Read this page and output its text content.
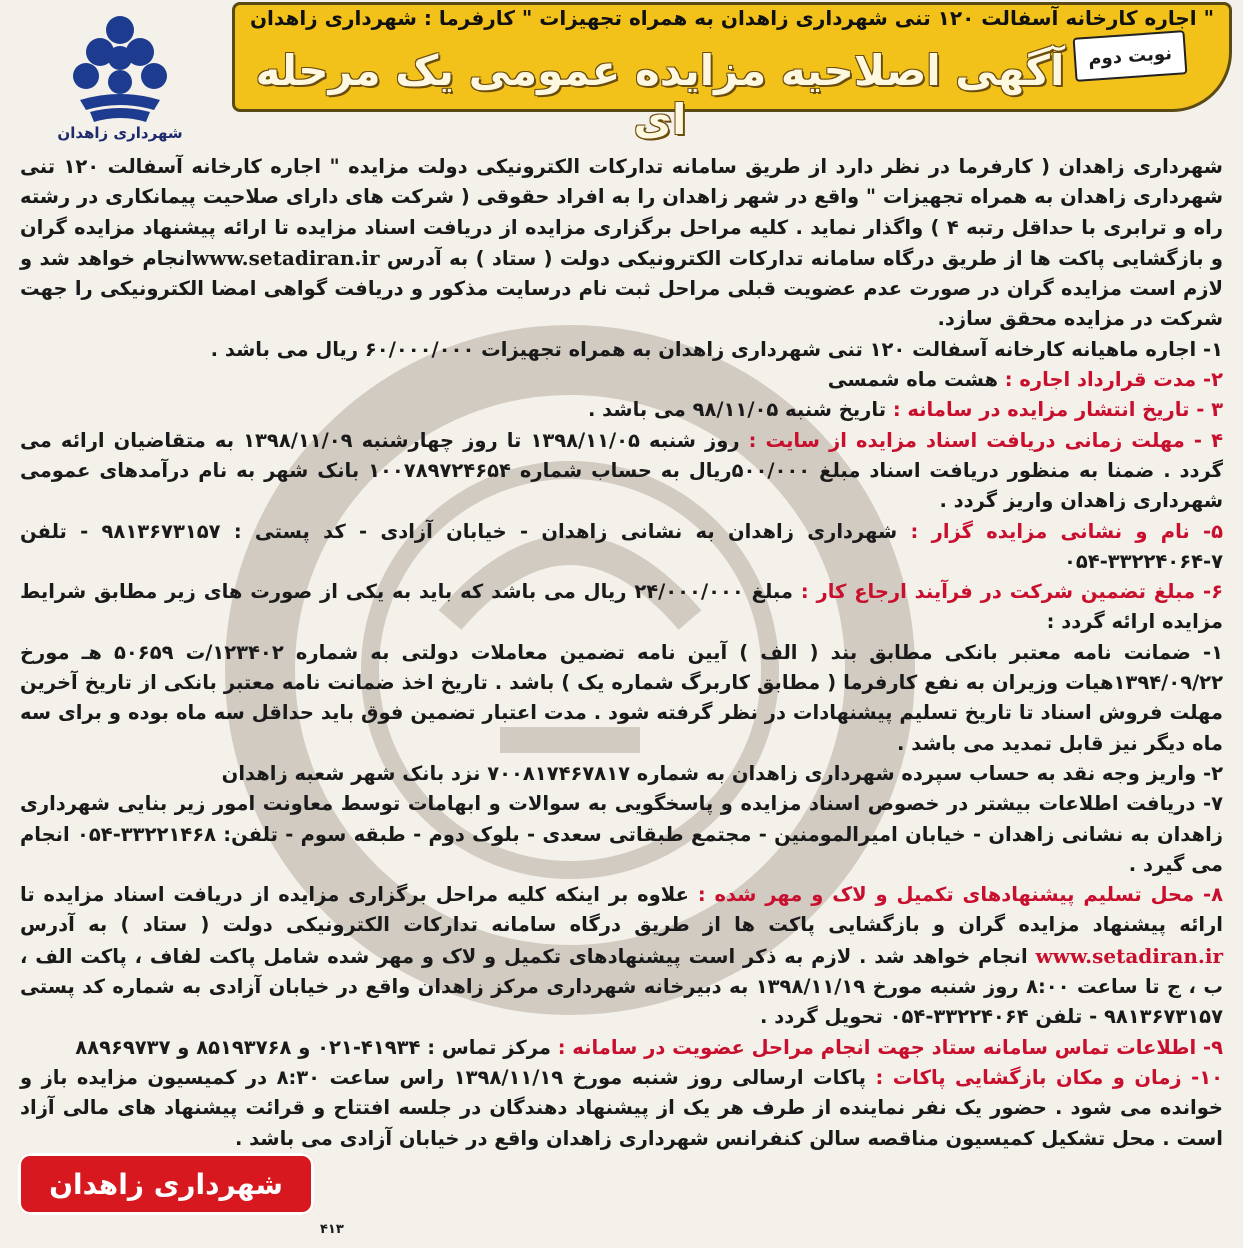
" اجاره کارخانه آسفالت ۱۲۰ تنی شهرداری زاهدان به همراه تجهیزات " کارفرما : شهرداری زاهدان
آگهی اصلاحیه مزایده عمومی یک مرحله ای
نوبت دوم
شهرداری زاهدان

شهرداری زاهدان ( کارفرما در نظر دارد از طریق سامانه تدارکات الکترونیکی دولت مزایده " اجاره کارخانه آسفالت ۱۲۰ تنی شهرداری زاهدان به همراه تجهیزات " واقع در شهر زاهدان را به افراد حقوقی ( شرکت های دارای صلاحیت پیمانکاری در رشته راه و ترابری با حداقل رتبه ۴ ) واگذار نماید . کلیه مراحل برگزاری مزایده از دریافت اسناد مزایده تا ارائه پیشنهاد مزایده گران و بازگشایی پاکت ها از طریق درگاه سامانه تدارکات الکترونیکی دولت ( ستاد ) به آدرس www.setadiran.irانجام خواهد شد و لازم است مزایده گران در صورت عدم عضویت قبلی مراحل ثبت نام درسایت مذکور و دریافت گواهی امضا الکترونیکی را جهت شرکت در مزایده محقق سازد.

۱- اجاره ماهیانه کارخانه آسفالت ۱۲۰ تنی شهرداری زاهدان به همراه تجهیزات ۶۰/۰۰۰/۰۰۰ ریال می باشد .

۲- مدت قرارداد اجاره : هشت ماه شمسی

۳ - تاریخ انتشار مزایده در سامانه : تاریخ شنبه ۹۸/۱۱/۰۵ می باشد .

۴ - مهلت زمانی دریافت اسناد مزایده از سایت : روز شنبه ۱۳۹۸/۱۱/۰۵ تا روز چهارشنبه ۱۳۹۸/۱۱/۰۹ به متقاضیان ارائه می گردد . ضمنا به منظور دریافت اسناد مبلغ ۵۰۰/۰۰۰ریال به حساب شماره ۱۰۰۷۸۹۷۲۴۶۵۴ بانک شهر به نام درآمدهای عمومی شهرداری زاهدان واریز گردد .

۵- نام و نشانی مزایده گزار : شهرداری زاهدان به نشانی زاهدان - خیابان آزادی - کد پستی : ۹۸۱۳۶۷۳۱۵۷ - تلفن ۷-۳۳۲۲۴۰۶۴-۰۵۴

۶- مبلغ تضمین شرکت در فرآیند ارجاع کار : مبلغ ۲۴/۰۰۰/۰۰۰ ریال می باشد که باید به یکی از صورت های زیر مطابق شرایط مزایده ارائه گردد :

۱- ضمانت نامه معتبر بانکی مطابق بند ( الف ) آیین نامه تضمین معاملات دولتی به شماره ۱۲۳۴۰۲/ت ۵۰۶۵۹ هـ مورخ ۱۳۹۴/۰۹/۲۲هیات وزیران به نفع کارفرما ( مطابق کاربرگ شماره یک ) باشد . تاریخ اخذ ضمانت نامه معتبر بانکی از تاریخ آخرین مهلت فروش اسناد تا تاریخ تسلیم پیشنهادات در نظر گرفته شود . مدت اعتبار تضمین فوق باید حداقل سه ماه بوده و برای سه ماه دیگر نیز قابل تمدید می باشد .

۲- واریز وجه نقد به حساب سپرده شهرداری زاهدان به شماره ۷۰۰۸۱۷۴۶۷۸۱۷ نزد بانک شهر شعبه زاهدان

۷- دریافت اطلاعات بیشتر در خصوص اسناد مزایده و پاسخگویی به سوالات و ابهامات توسط معاونت امور زیر بنایی شهرداری زاهدان به نشانی زاهدان - خیابان امیرالمومنین - مجتمع طبقاتی سعدی - بلوک دوم - طبقه سوم - تلفن: ۳۳۲۲۱۴۶۸-۰۵۴ انجام می گیرد .

۸- محل تسلیم پیشنهادهای تکمیل و لاک و مهر شده : علاوه بر اینکه کلیه مراحل برگزاری مزایده از دریافت اسناد مزایده تا ارائه پیشنهاد مزایده گران و بازگشایی پاکت ها از طریق درگاه سامانه تدارکات الکترونیکی دولت ( ستاد ) به آدرس www.setadiran.ir انجام خواهد شد . لازم به ذکر است پیشنهادهای تکمیل و لاک و مهر شده شامل پاکت لفاف ، پاکت الف ، ب ، ج تا ساعت ۸:۰۰ روز شنبه مورخ ۱۳۹۸/۱۱/۱۹ به دبیرخانه شهرداری مرکز زاهدان واقع در خیابان آزادی به شماره کد پستی ۹۸۱۳۶۷۳۱۵۷ - تلفن ۳۳۲۲۴۰۶۴-۰۵۴ تحویل گردد .

۹- اطلاعات تماس سامانه ستاد جهت انجام مراحل عضویت در سامانه : مرکز تماس : ۴۱۹۳۴-۰۲۱ و ۸۵۱۹۳۷۶۸ و ۸۸۹۶۹۷۳۷

۱۰- زمان و مکان بازگشایی پاکات : پاکات ارسالی روز شنبه مورخ ۱۳۹۸/۱۱/۱۹ راس ساعت ۸:۳۰ در کمیسیون مزایده باز و خوانده می شود . حضور یک نفر نماینده از طرف هر یک از پیشنهاد دهندگان در جلسه افتتاح و قرائت پیشنهاد های مالی آزاد است . محل تشکیل کمیسیون مناقصه سالن کنفرانس شهرداری زاهدان واقع در خیابان آزادی می باشد .

شهرداری زاهدان
۴۱۳
